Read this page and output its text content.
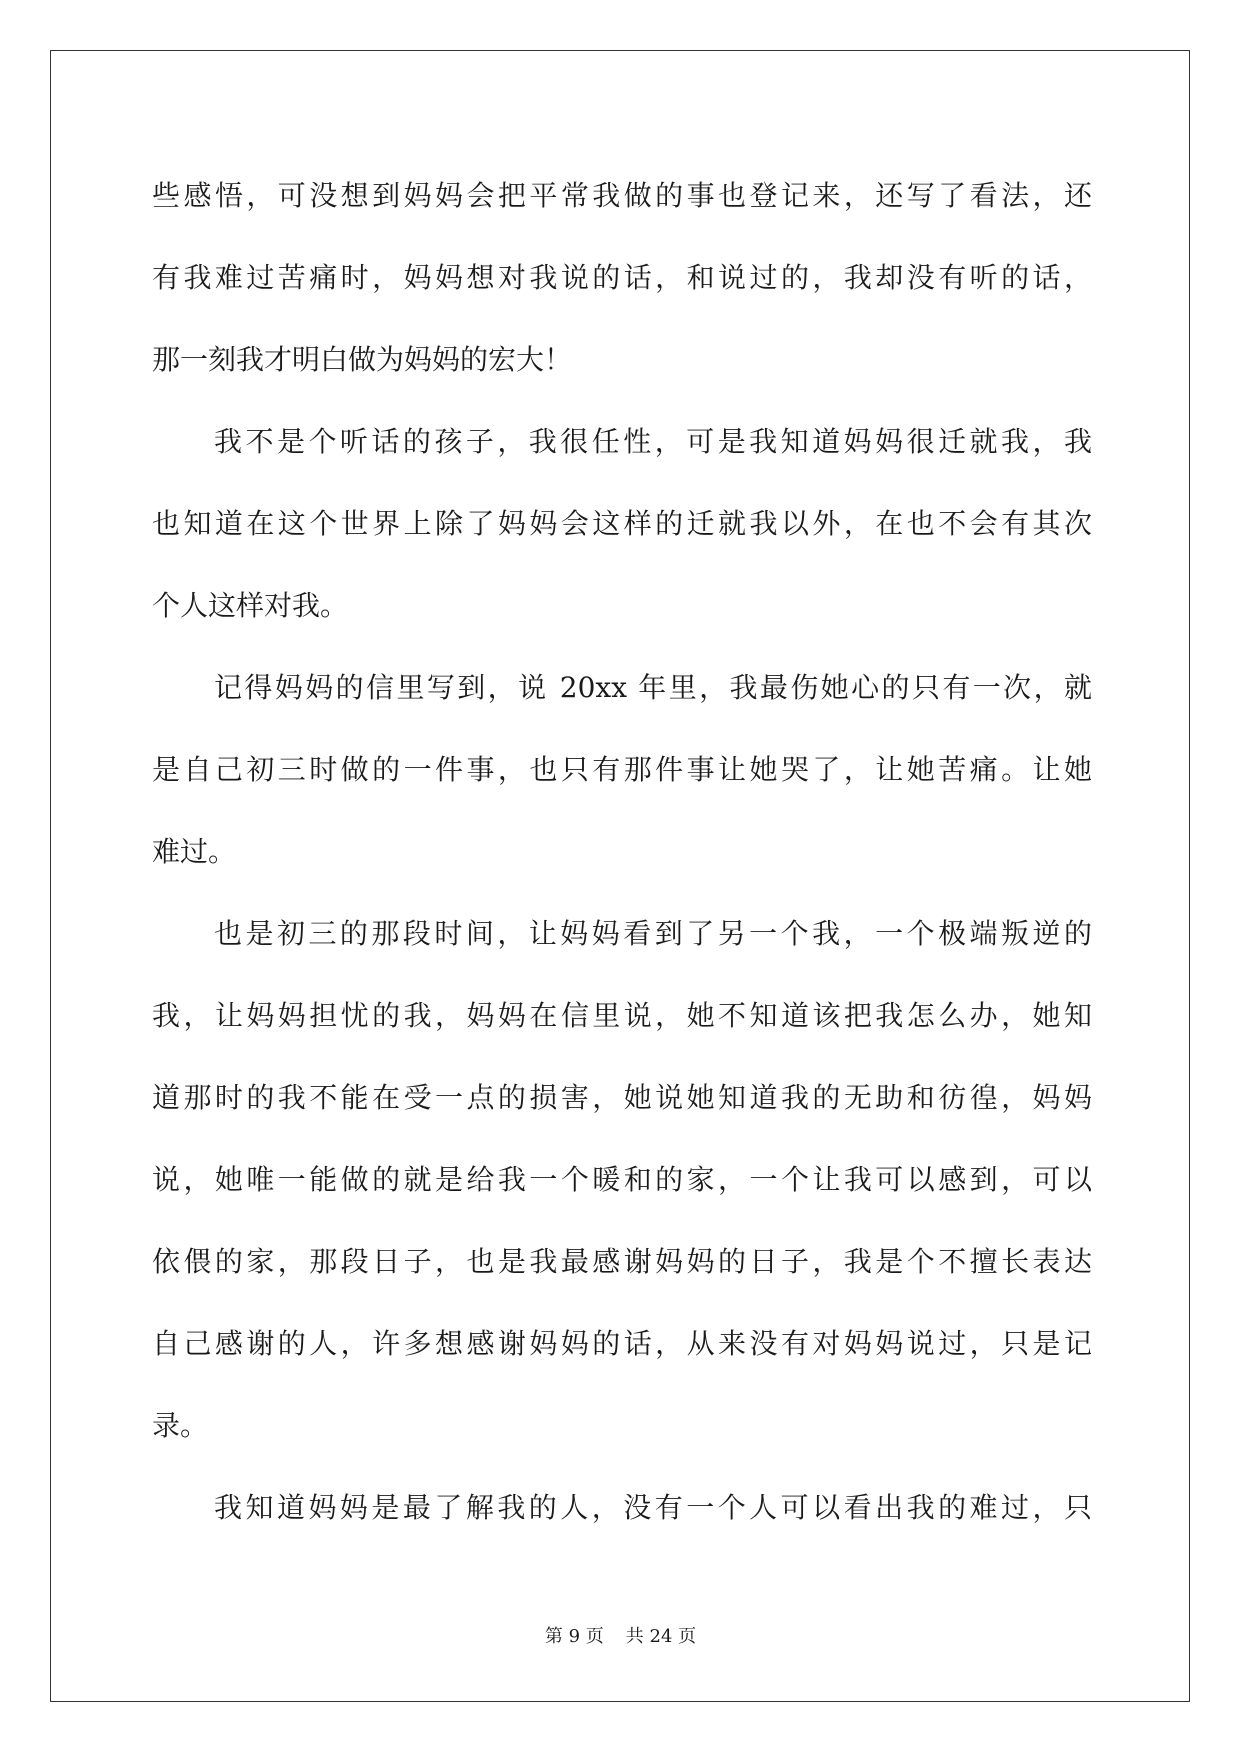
些感悟，可没想到妈妈会把平常我做的事也登记来，还写了看法，还
有我难过苦痛时，妈妈想对我说的话，和说过的，我却没有听的话，
那一刻我才明白做为妈妈的宏大！
我不是个听话的孩子，我很任性，可是我知道妈妈很迁就我，我
也知道在这个世界上除了妈妈会这样的迁就我以外，在也不会有其次
个人这样对我。
记得妈妈的信里写到，说 20xx 年里，我最伤她心的只有一次，就
是自己初三时做的一件事，也只有那件事让她哭了，让她苦痛。让她
难过。
也是初三的那段时间，让妈妈看到了另一个我，一个极端叛逆的
我，让妈妈担忧的我，妈妈在信里说，她不知道该把我怎么办，她知
道那时的我不能在受一点的损害，她说她知道我的无助和彷徨，妈妈
说，她唯一能做的就是给我一个暖和的家，一个让我可以感到，可以
依偎的家，那段日子，也是我最感谢妈妈的日子，我是个不擅长表达
自己感谢的人，许多想感谢妈妈的话，从来没有对妈妈说过，只是记
录。
我知道妈妈是最了解我的人，没有一个人可以看出我的难过，只
第 9 页 共 24 页
